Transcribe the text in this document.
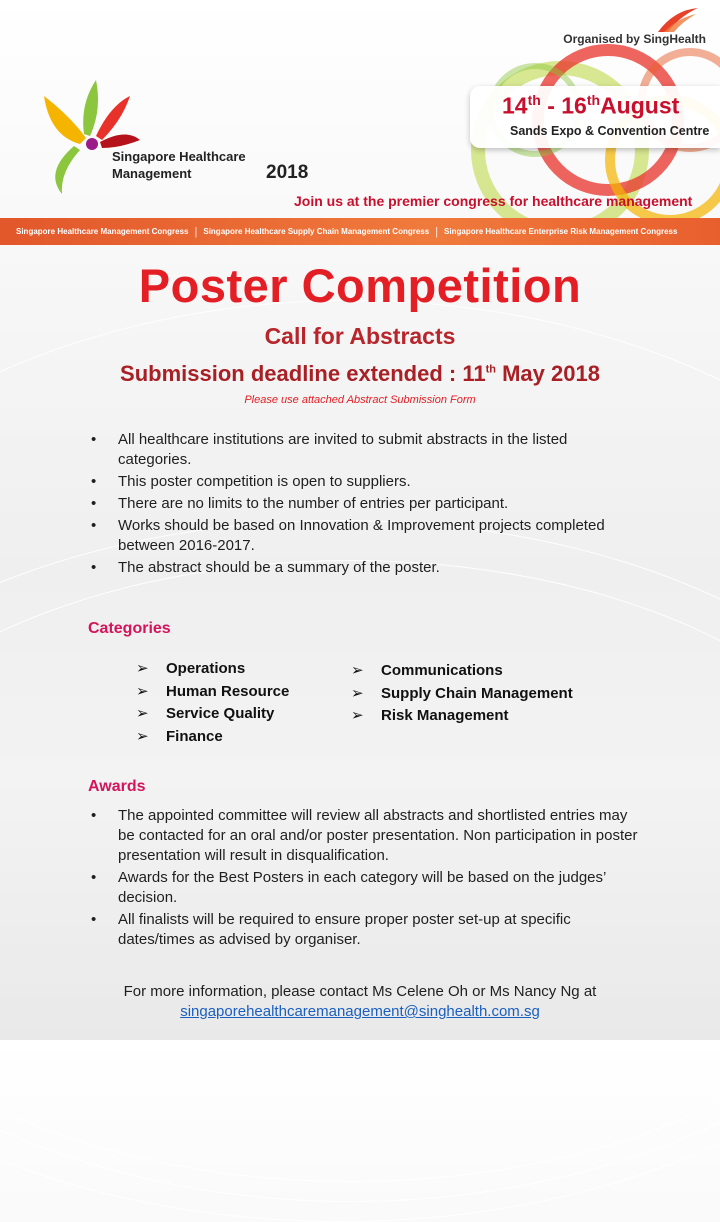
Organised by SingHealth
Singapore Healthcare Management	2018
14th - 16thAugust
Sands Expo & Convention Centre
Join us at the premier congress for healthcare management
Singapore Healthcare Management Congress | Singapore Healthcare Supply Chain Management Congress | Singapore Healthcare Enterprise Risk Management Congress
Poster Competition
Call for Abstracts
Submission deadline extended : 11th May 2018
Please use attached Abstract Submission Form
• All healthcare institutions are invited to submit abstracts in the listed categories.
• This poster competition is open to suppliers.
• There are no limits to the number of entries per participant.
• Works should be based on Innovation & Improvement projects completed between 2016-2017.
• The abstract should be a summary of the poster.
Categories
➢ Operations
➢ Human Resource
➢ Service Quality
➢ Finance
➢ Communications
➢ Supply Chain Management
➢ Risk Management
Awards
• The appointed committee will review all abstracts and shortlisted entries may be contacted for an oral and/or poster presentation. Non participation in poster presentation will result in disqualification.
• Awards for the Best Posters in each category will be based on the judges’ decision.
• All finalists will be required to ensure proper poster set-up at specific dates/times as advised by organiser.
For more information, please contact Ms Celene Oh or Ms Nancy Ng at
singaporehealthcaremanagement@singhealth.com.sg
